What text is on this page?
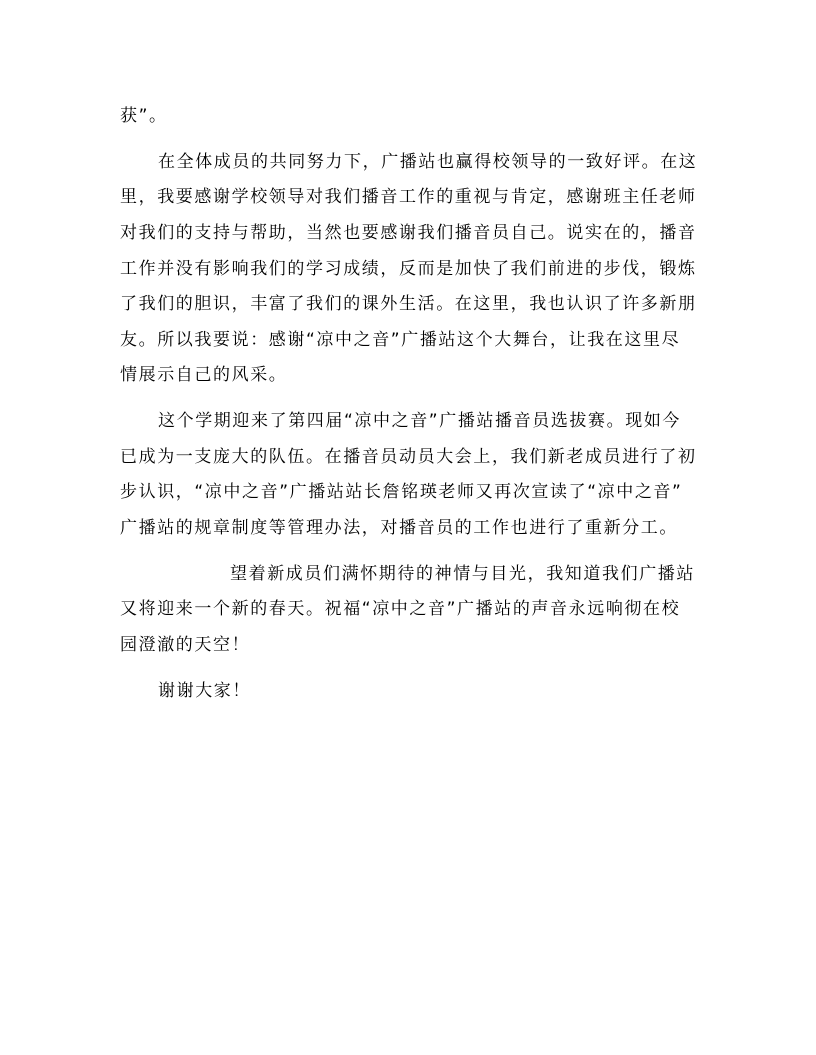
获”。

在全体成员的共同努力下，广播站也赢得校领导的一致好评。在这
里，我要感谢学校领导对我们播音工作的重视与肯定，感谢班主任老师
对我们的支持与帮助，当然也要感谢我们播音员自己。说实在的，播音
工作并没有影响我们的学习成绩，反而是加快了我们前进的步伐，锻炼
了我们的胆识，丰富了我们的课外生活。在这里，我也认识了许多新朋
友。所以我要说：感谢“凉中之音”广播站这个大舞台，让我在这里尽
情展示自己的风采。

这个学期迎来了第四届“凉中之音”广播站播音员选拔赛。现如今
已成为一支庞大的队伍。在播音员动员大会上，我们新老成员进行了初
步认识，“凉中之音”广播站站长詹铭瑛老师又再次宣读了“凉中之音”
广播站的规章制度等管理办法，对播音员的工作也进行了重新分工。

望着新成员们满怀期待的神情与目光，我知道我们广播站
又将迎来一个新的春天。祝福“凉中之音”广播站的声音永远响彻在校
园澄澈的天空！

谢谢大家！
